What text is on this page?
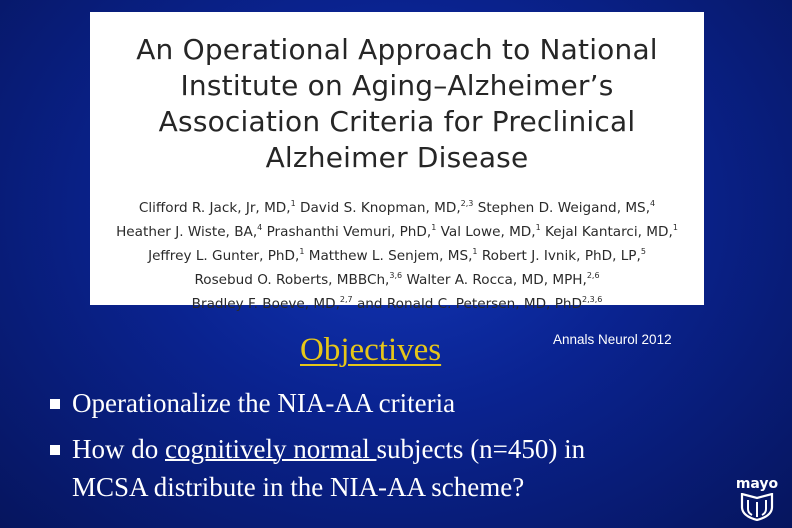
An Operational Approach to National
Institute on Aging–Alzheimer’s
Association Criteria for Preclinical
Alzheimer Disease
Clifford R. Jack, Jr, MD,$^1$ David S. Knopman, MD,$^{2,3}$ Stephen D. Weigand, MS,$^4$
Heather J. Wiste, BA,$^4$ Prashanthi Vemuri, PhD,$^1$ Val Lowe, MD,$^1$ Kejal Kantarci, MD,$^1$
Jeffrey L. Gunter, PhD,$^1$ Matthew L. Senjem, MS,$^1$ Robert J. Ivnik, PhD, LP,$^5$
Rosebud O. Roberts, MBBCh,$^{3,6}$ Walter A. Rocca, MD, MPH,$^{2,6}$
Bradley F. Boeve, MD,$^{2,7}$ and Ronald C. Petersen, MD, PhD$^{2,3,6}$
Objectives	Annals Neurol 2012
Operationalize the NIA-AA criteria
How do cognitively normal subjects (n=450) in
MCSA distribute in the NIA-AA scheme?	mayo
